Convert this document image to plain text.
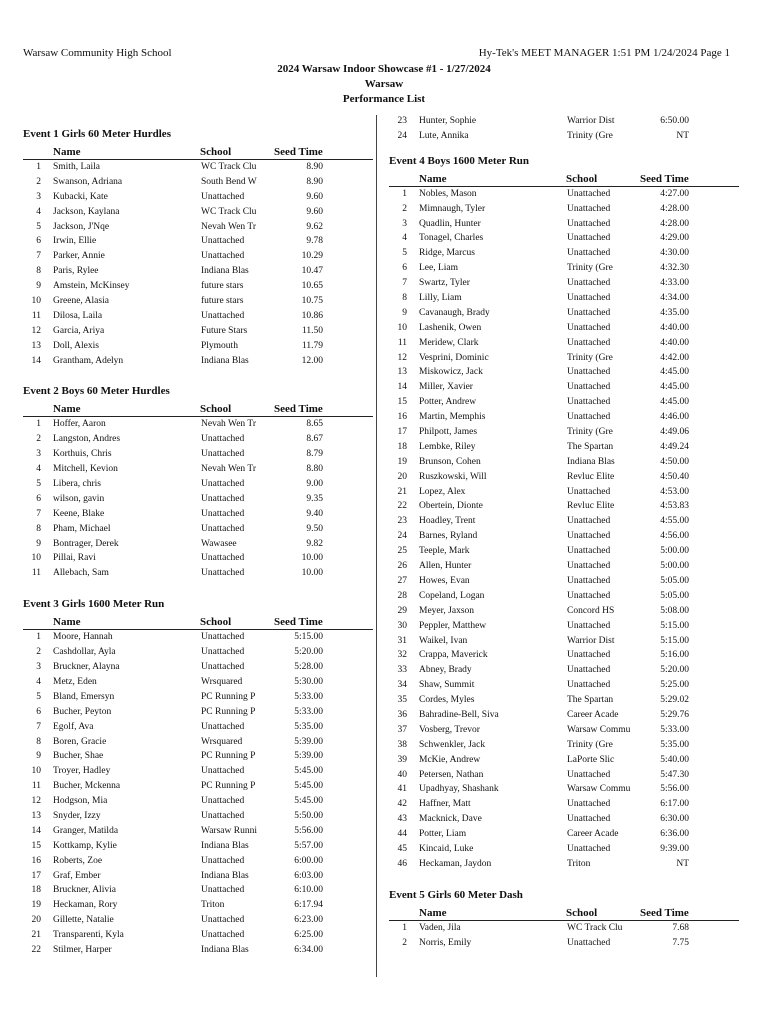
Warsaw Community High School	Hy-Tek's MEET MANAGER 1:51 PM 1/24/2024 Page 1
2024 Warsaw Indoor Showcase #1 - 1/27/2024
Warsaw
Performance List
Event 1 Girls 60 Meter Hurdles
Name	School	Seed Time
1 Smith, Laila	WC Track Clu	8.90
2 Swanson, Adriana	South Bend W	8.90
3 Kubacki, Kate	Unattached	9.60
4 Jackson, Kaylana	WC Track Clu	9.60
5 Jackson, J'Nqe	Nevah Wen Tr	9.62
6 Irwin, Ellie	Unattached	9.78
7 Parker, Annie	Unattached	10.29
8 Paris, Rylee	Indiana Blas	10.47
9 Amstein, McKinsey	future stars	10.65
10 Greene, Alasia	future stars	10.75
11 Dilosa, Laila	Unattached	10.86
12 Garcia, Ariya	Future Stars	11.50
13 Doll, Alexis	Plymouth	11.79
14 Grantham, Adelyn	Indiana Blas	12.00
Event 2 Boys 60 Meter Hurdles
Name	School	Seed Time
1 Hoffer, Aaron	Nevah Wen Tr	8.65
2 Langston, Andres	Unattached	8.67
3 Korthuis, Chris	Unattached	8.79
4 Mitchell, Kevion	Nevah Wen Tr	8.80
5 Libera, chris	Unattached	9.00
6 wilson, gavin	Unattached	9.35
7 Keene, Blake	Unattached	9.40
8 Pham, Michael	Unattached	9.50
9 Bontrager, Derek	Wawasee	9.82
10 Pillai, Ravi	Unattached	10.00
11 Allebach, Sam	Unattached	10.00
Event 3 Girls 1600 Meter Run
Name	School	Seed Time
1 Moore, Hannah	Unattached	5:15.00
2 Cashdollar, Ayla	Unattached	5:20.00
3 Bruckner, Alayna	Unattached	5:28.00
4 Metz, Eden	Wrsquared	5:30.00
5 Bland, Emersyn	PC Running P	5:33.00
6 Bucher, Peyton	PC Running P	5:33.00
7 Egolf, Ava	Unattached	5:35.00
8 Boren, Gracie	Wrsquared	5:39.00
9 Bucher, Shae	PC Running P	5:39.00
10 Troyer, Hadley	Unattached	5:45.00
11 Bucher, Mckenna	PC Running P	5:45.00
12 Hodgson, Mia	Unattached	5:45.00
13 Snyder, Izzy	Unattached	5:50.00
14 Granger, Matilda	Warsaw Runni	5:56.00
15 Kottkamp, Kylie	Indiana Blas	5:57.00
16 Roberts, Zoe	Unattached	6:00.00
17 Graf, Ember	Indiana Blas	6:03.00
18 Bruckner, Alivia	Unattached	6:10.00
19 Heckaman, Rory	Triton	6:17.94
20 Gillette, Natalie	Unattached	6:23.00
21 Transparenti, Kyla	Unattached	6:25.00
22 Stilmer, Harper	Indiana Blas	6:34.00
23 Hunter, Sophie	Warrior Dist	6:50.00
24 Lute, Annika	Trinity (Gre	NT
Event 4 Boys 1600 Meter Run
Name	School	Seed Time
1 Nobles, Mason	Unattached	4:27.00
2 Mimnaugh, Tyler	Unattached	4:28.00
3 Quadlin, Hunter	Unattached	4:28.00
4 Tonagel, Charles	Unattached	4:29.00
5 Ridge, Marcus	Unattached	4:30.00
6 Lee, Liam	Trinity (Gre	4:32.30
7 Swartz, Tyler	Unattached	4:33.00
8 Lilly, Liam	Unattached	4:34.00
9 Cavanaugh, Brady	Unattached	4:35.00
10 Lashenik, Owen	Unattached	4:40.00
11 Meridew, Clark	Unattached	4:40.00
12 Vesprini, Dominic	Trinity (Gre	4:42.00
13 Miskowicz, Jack	Unattached	4:45.00
14 Miller, Xavier	Unattached	4:45.00
15 Potter, Andrew	Unattached	4:45.00
16 Martin, Memphis	Unattached	4:46.00
17 Philpott, James	Trinity (Gre	4:49.06
18 Lembke, Riley	The Spartan	4:49.24
19 Brunson, Cohen	Indiana Blas	4:50.00
20 Ruszkowski, Will	Revluc Elite	4:50.40
21 Lopez, Alex	Unattached	4:53.00
22 Obertein, Dionte	Revluc Elite	4:53.83
23 Hoadley, Trent	Unattached	4:55.00
24 Barnes, Ryland	Unattached	4:56.00
25 Teeple, Mark	Unattached	5:00.00
26 Allen, Hunter	Unattached	5:00.00
27 Howes, Evan	Unattached	5:05.00
28 Copeland, Logan	Unattached	5:05.00
29 Meyer, Jaxson	Concord HS	5:08.00
30 Peppler, Matthew	Unattached	5:15.00
31 Waikel, Ivan	Warrior Dist	5:15.00
32 Crappa, Maverick	Unattached	5:16.00
33 Abney, Brady	Unattached	5:20.00
34 Shaw, Summit	Unattached	5:25.00
35 Cordes, Myles	The Spartan	5:29.02
36 Bahradine-Bell, Siva	Career Acade	5:29.76
37 Vosberg, Trevor	Warsaw Commu	5:33.00
38 Schwenkler, Jack	Trinity (Gre	5:35.00
39 McKie, Andrew	LaPorte Slic	5:40.00
40 Petersen, Nathan	Unattached	5:47.30
41 Upadhyay, Shashank	Warsaw Commu	5:56.00
42 Haffner, Matt	Unattached	6:17.00
43 Macknick, Dave	Unattached	6:30.00
44 Potter, Liam	Career Acade	6:36.00
45 Kincaid, Luke	Unattached	9:39.00
46 Heckaman, Jaydon	Triton	NT
Event 5 Girls 60 Meter Dash
Name	School	Seed Time
1 Vaden, Jila	WC Track Clu	7.68
2 Norris, Emily	Unattached	7.75
